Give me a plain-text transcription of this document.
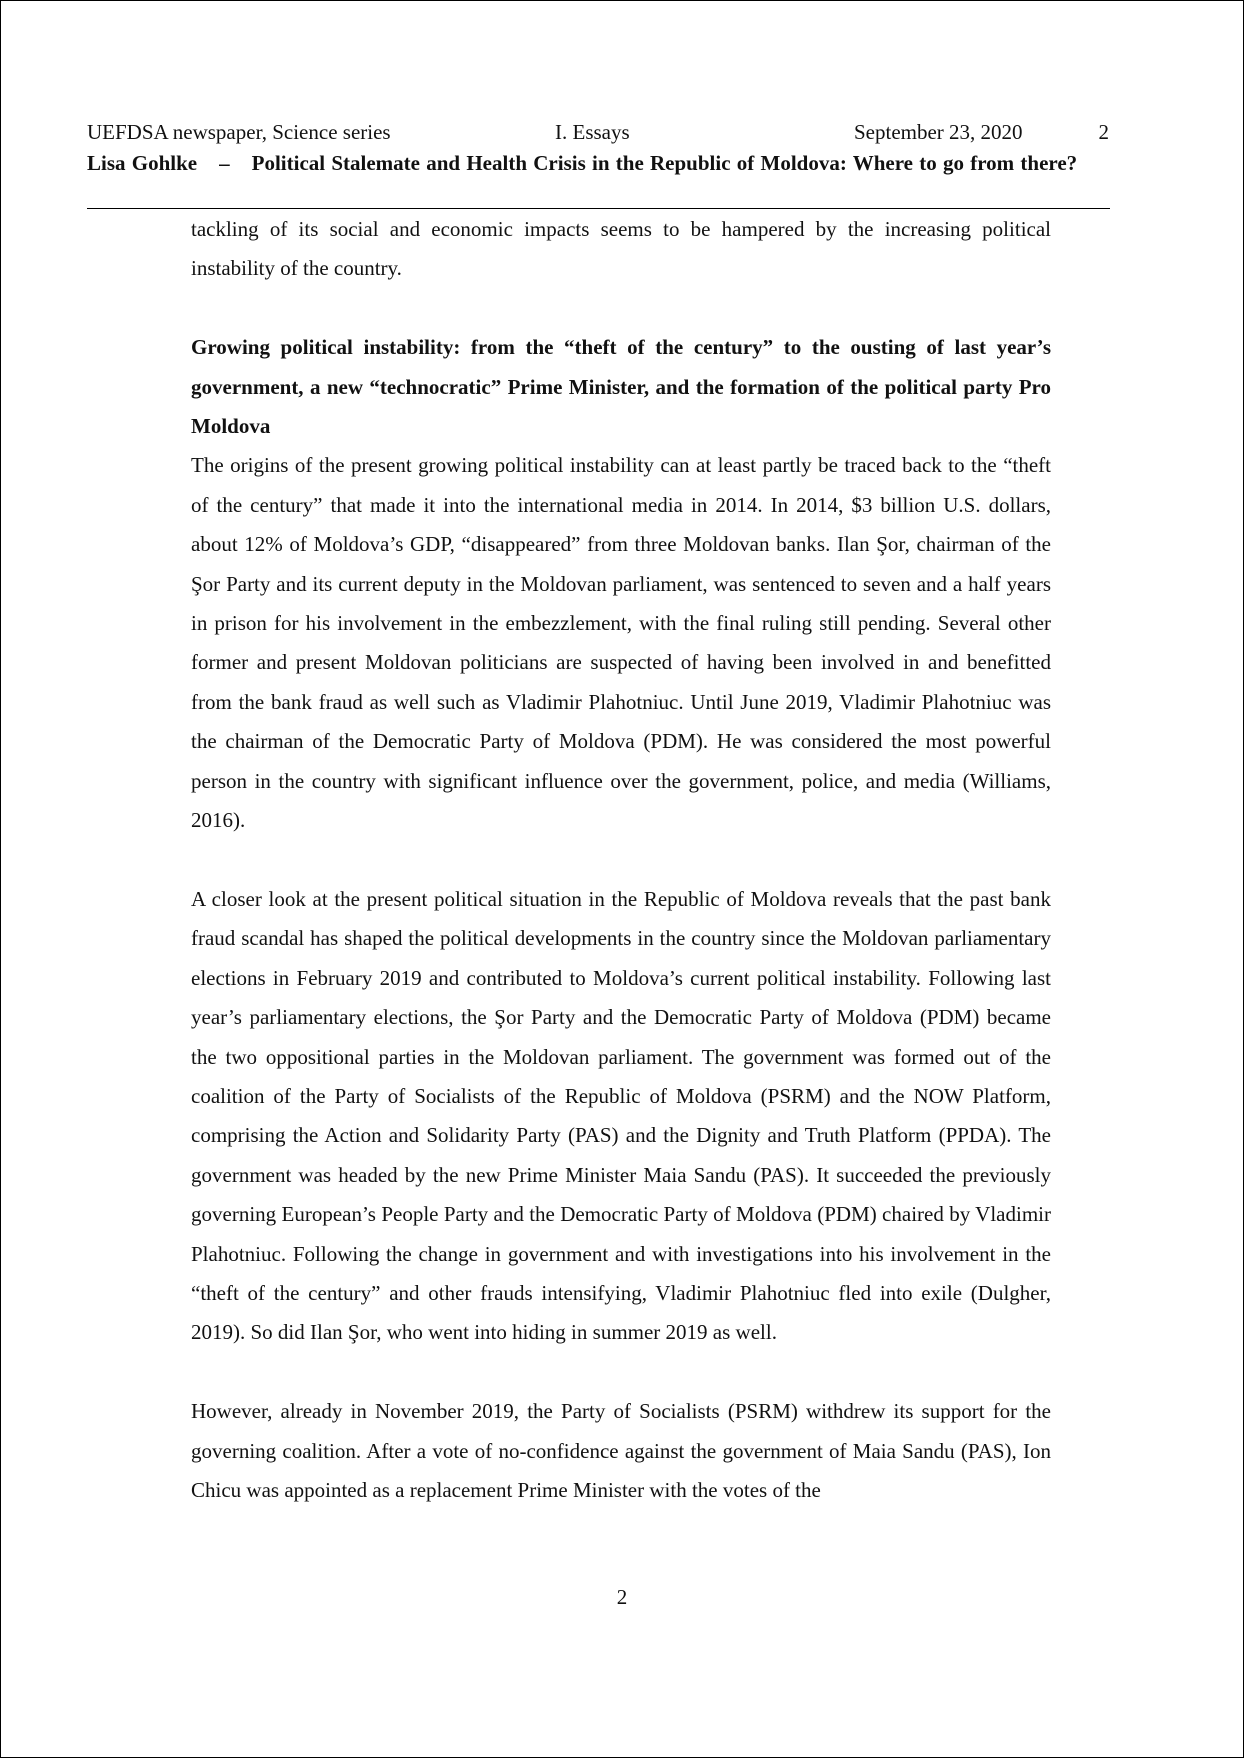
UEFDSA newspaper, Science series	I. Essays	September 23, 2020	2
Lisa Gohlke – Political Stalemate and Health Crisis in the Republic of Moldova: Where to go from there?

tackling of its social and economic impacts seems to be hampered by the increasing political instability of the country.

Growing political instability: from the “theft of the century” to the ousting of last year’s government, a new “technocratic” Prime Minister, and the formation of the political party Pro Moldova

The origins of the present growing political instability can at least partly be traced back to the “theft of the century” that made it into the international media in 2014. In 2014, $3 billion U.S. dollars, about 12% of Moldova’s GDP, “disappeared” from three Moldovan banks. Ilan Şor, chairman of the Şor Party and its current deputy in the Moldovan parliament, was sentenced to seven and a half years in prison for his involvement in the embezzlement, with the final ruling still pending. Several other former and present Moldovan politicians are suspected of having been involved in and benefitted from the bank fraud as well such as Vladimir Plahotniuc. Until June 2019, Vladimir Plahotniuc was the chairman of the Democratic Party of Moldova (PDM). He was considered the most powerful person in the country with significant influence over the government, police, and media (Williams, 2016).

A closer look at the present political situation in the Republic of Moldova reveals that the past bank fraud scandal has shaped the political developments in the country since the Moldovan parliamentary elections in February 2019 and contributed to Moldova’s current political instability. Following last year’s parliamentary elections, the Şor Party and the Democratic Party of Moldova (PDM) became the two oppositional parties in the Moldovan parliament. The government was formed out of the coalition of the Party of Socialists of the Republic of Moldova (PSRM) and the NOW Platform, comprising the Action and Solidarity Party (PAS) and the Dignity and Truth Platform (PPDA). The government was headed by the new Prime Minister Maia Sandu (PAS). It succeeded the previously governing European’s People Party and the Democratic Party of Moldova (PDM) chaired by Vladimir Plahotniuc. Following the change in government and with investigations into his involvement in the “theft of the century” and other frauds intensifying, Vladimir Plahotniuc fled into exile (Dulgher, 2019). So did Ilan Şor, who went into hiding in summer 2019 as well.

However, already in November 2019, the Party of Socialists (PSRM) withdrew its support for the governing coalition. After a vote of no-confidence against the government of Maia Sandu (PAS), Ion Chicu was appointed as a replacement Prime Minister with the votes of the

2
